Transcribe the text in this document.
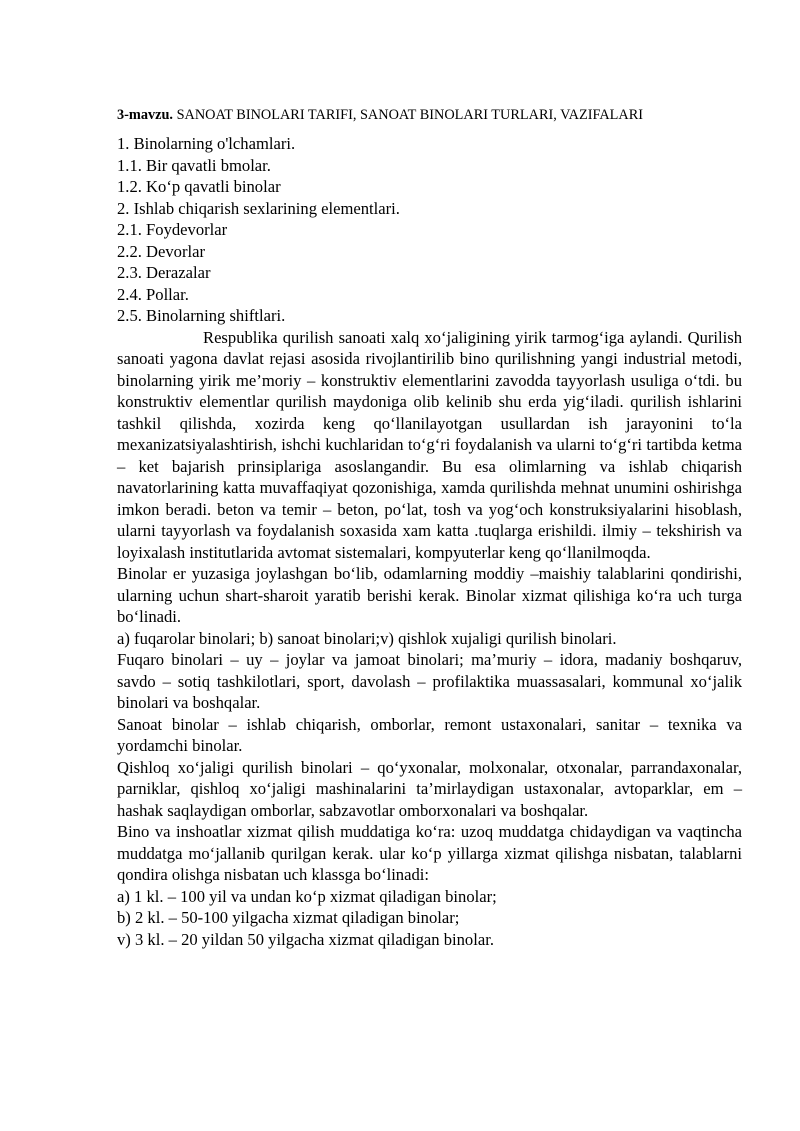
3-mavzu. SANOAT BINOLARI TARIFI, SANOAT BINOLARI TURLARI, VAZIFALARI
1. Binolarning o'lchamlari.
1.1. Bir qavatli bmolar.
1.2. Ko‘p qavatli binolar
2. Ishlab chiqarish sexlarining elementlari.
2.1. Foydevorlar
2.2. Devorlar
2.3. Derazalar
2.4. Pollar.
2.5. Binolarning shiftlari.

Respublika qurilish sanoati xalq xo‘jaligining yirik tarmog‘iga aylandi. Qurilish sanoati yagona davlat rejasi asosida rivojlantirilib bino qurilishning yangi industrial metodi, binolarning yirik me’moriy – konstruktiv elementlarini zavodda tayyorlash usuliga o‘tdi. bu konstruktiv elementlar qurilish maydoniga olib kelinib shu erda yig‘iladi. qurilish ishlarini tashkil qilishda, xozirda keng qo‘llanilayotgan usullardan ish jarayonini to‘la mexanizatsiyalashtirish, ishchi kuchlaridan to‘g‘ri foydalanish va ularni to‘g‘ri tartibda ketma – ket bajarish prinsiplariga asoslangandir. Bu esa olimlarning va ishlab chiqarish navatorlarining katta muvaffaqiyat qozonishiga, xamda qurilishda mehnat unumini oshirishga imkon beradi. beton va temir – beton, po‘lat, tosh va yog‘och konstruksiyalarini hisoblash, ularni tayyorlash va foydalanish soxasida xam katta .tuqlarga erishildi. ilmiy – tekshirish va loyixalash institutlarida avtomat sistemalari, kompyuterlar keng qo‘llanilmoqda.

Binolar er yuzasiga joylashgan bo‘lib, odamlarning moddiy –maishiy talablarini qondirishi, ularning uchun shart-sharoit yaratib berishi kerak. Binolar xizmat qilishiga ko‘ra uch turga bo‘linadi.

a) fuqarolar binolari; b) sanoat binolari;v) qishlok xujaligi qurilish binolari.

Fuqaro binolari – uy – joylar va jamoat binolari; ma’muriy – idora, madaniy boshqaruv, savdo – sotiq tashkilotlari, sport, davolash – profilaktika muassasalari, kommunal xo‘jalik binolari va boshqalar.

Sanoat binolar – ishlab chiqarish, omborlar, remont ustaxonalari, sanitar – texnika va yordamchi binolar.

Qishloq xo‘jaligi qurilish binolari – qo‘yxonalar, molxonalar, otxonalar, parrandaxonalar, parniklar, qishloq xo‘jaligi mashinalarini ta’mirlaydigan ustaxonalar, avtoparklar, em – hashak saqlaydigan omborlar, sabzavotlar omborxonalari va boshqalar.

Bino va inshoatlar xizmat qilish muddatiga ko‘ra: uzoq muddatga chidaydigan va vaqtincha muddatga mo‘jallanib qurilgan kerak. ular ko‘p yillarga xizmat qilishga nisbatan, talablarni qondira olishga nisbatan uch klassga bo‘linadi:

a) 1 kl. – 100 yil va undan ko‘p xizmat qiladigan binolar;
b) 2 kl. – 50-100 yilgacha xizmat qiladigan binolar;
v) 3 kl. – 20 yildan 50 yilgacha xizmat qiladigan binolar.
